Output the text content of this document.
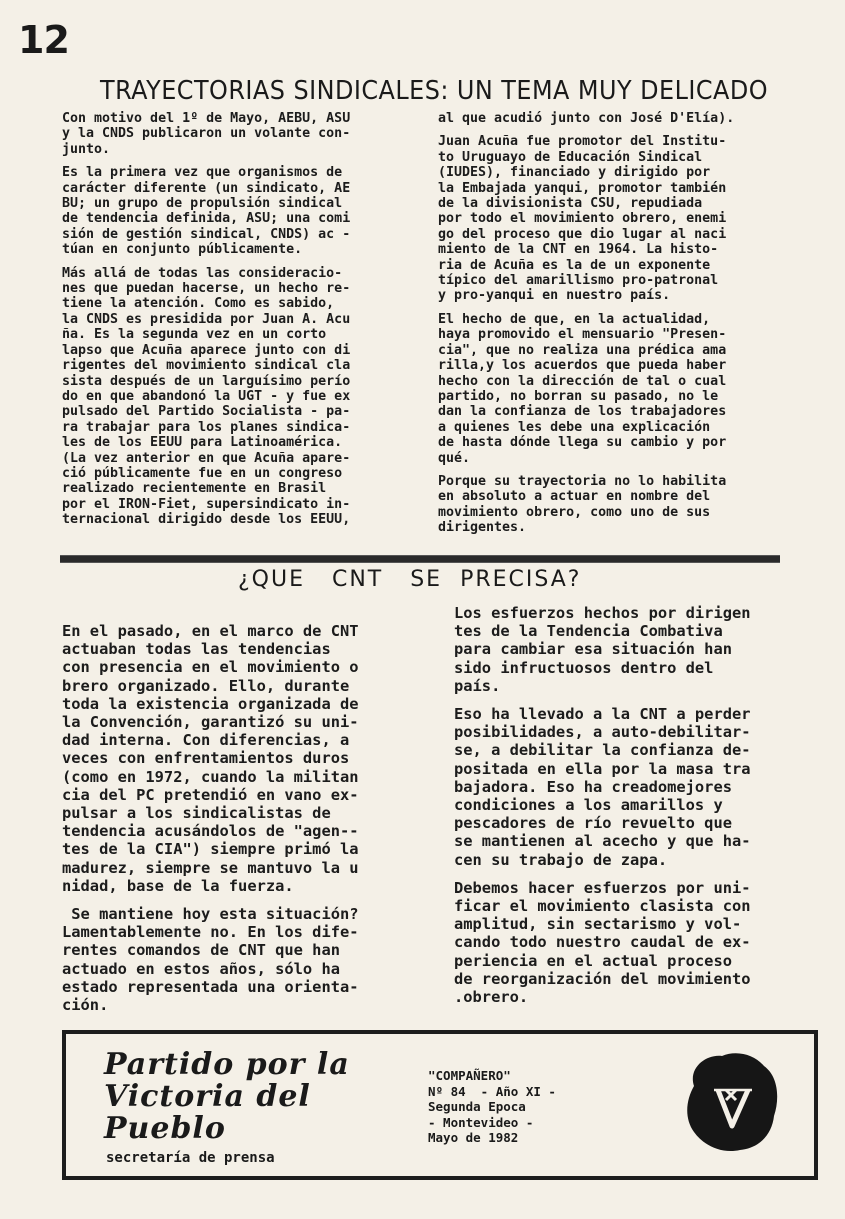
12
TRAYECTORIAS SINDICALES: UN TEMA MUY DELICADO

Con motivo del 1º de Mayo, AEBU, ASU
y la CNDS publicaron un volante con-
junto.

Es la primera vez que organismos de
carácter diferente (un sindicato, AE
BU; un grupo de propulsión sindical
de tendencia definida, ASU; una comi
sión de gestión sindical, CNDS) ac -
túan en conjunto públicamente.

Más allá de todas las consideracio-
nes que puedan hacerse, un hecho re-
tiene la atención. Como es sabido,
la CNDS es presidida por Juan A. Acu
ña. Es la segunda vez en un corto
lapso que Acuña aparece junto con di
rigentes del movimiento sindical cla
sista después de un larguísimo perío
do en que abandonó la UGT - y fue ex
pulsado del Partido Socialista - pa-
ra trabajar para los planes sindica-
les de los EEUU para Latinoamérica.
(La vez anterior en que Acuña apare-
ció públicamente fue en un congreso
realizado recientemente en Brasil
por el IRON-Fiet, supersindicato in-
ternacional dirigido desde los EEUU,

al que acudió junto con José D'Elía).

Juan Acuña fue promotor del Institu-
to Uruguayo de Educación Sindical
(IUDES), financiado y dirigido por
la Embajada yanqui, promotor también
de la divisionista CSU, repudiada
por todo el movimiento obrero, enemi
go del proceso que dio lugar al naci
miento de la CNT en 1964. La histo-
ria de Acuña es la de un exponente
típico del amarillismo pro-patronal
y pro-yanqui en nuestro país.

El hecho de que, en la actualidad,
haya promovido el mensuario "Presen-
cia", que no realiza una prédica ama
rilla,y los acuerdos que pueda haber
hecho con la dirección de tal o cual
partido, no borran su pasado, no le
dan la confianza de los trabajadores
a quienes les debe una explicación
de hasta dónde llega su cambio y por
qué.

Porque su trayectoria no lo habilita
en absoluto a actuar en nombre del
movimiento obrero, como uno de sus
dirigentes.

¿QUE   CNT   SE  PRECISA?

En el pasado, en el marco de CNT
actuaban todas las tendencias
con presencia en el movimiento o
brero organizado. Ello, durante
toda la existencia organizada de
la Convención, garantizó su uni-
dad interna. Con diferencias, a
veces con enfrentamientos duros
(como en 1972, cuando la militan
cia del PC pretendió en vano ex-
pulsar a los sindicalistas de
tendencia acusándolos de "agen--
tes de la CIA") siempre primó la
madurez, siempre se mantuvo la u
nidad, base de la fuerza.

Se mantiene hoy esta situación?
Lamentablemente no. En los dife-
rentes comandos de CNT que han
actuado en estos años, sólo ha
estado representada una orienta-
ción.

Los esfuerzos hechos por dirigen
tes de la Tendencia Combativa
para cambiar esa situación han
sido infructuosos dentro del
país.

Eso ha llevado a la CNT a perder
posibilidades, a auto-debilitar-
se, a debilitar la confianza de-
positada en ella por la masa tra
bajadora. Eso ha creadomejores
condiciones a los amarillos y
pescadores de río revuelto que
se mantienen al acecho y que ha-
cen su trabajo de zapa.

Debemos hacer esfuerzos por uni-
ficar el movimiento clasista con
amplitud, sin sectarismo y vol-
cando todo nuestro caudal de ex-
periencia en el actual proceso
de reorganización del movimiento
.obrero.

Partido por la
Victoria del
Pueblo
secretaría de prensa
"COMPAÑERO"
Nº 84  - Año XI -
Segunda Epoca
- Montevideo -
Mayo de 1982
